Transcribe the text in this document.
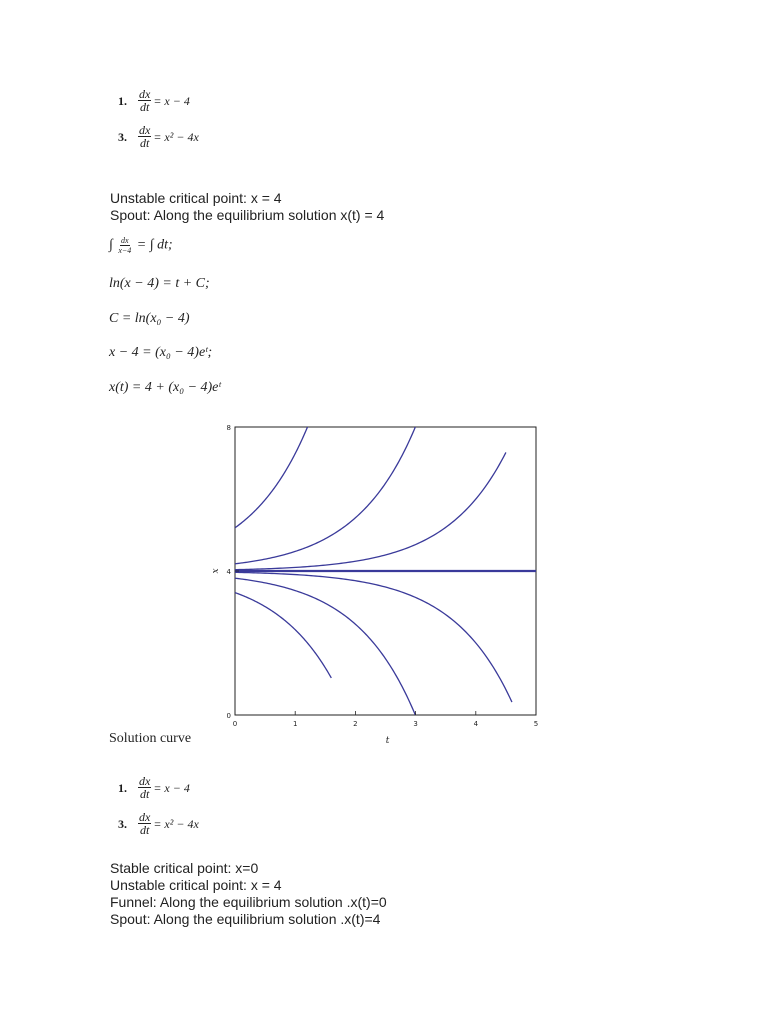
1. $\frac{dx}{dt} = x - 4$
3. $\frac{dx}{dt} = x^2 - 4x$
Unstable critical point: x = 4
Spout: Along the equilibrium solution x(t) = 4
∫ $\frac{dx}{x-4}$ = ∫ dt;
ln(x − 4) = t + C;
C = ln(x₀ − 4)
x − 4 = (x₀ − 4)eᵗ;
x(t) = 4 + (x₀ − 4)eᵗ
0	1	2	3	4	5
0
4
8
t
x
Solution curve
1. $\frac{dx}{dt} = x - 4$
3. $\frac{dx}{dt} = x^2 - 4x$
Stable critical point: x=0
Unstable critical point: x = 4
Funnel: Along the equilibrium solution .x(t)=0
Spout: Along the equilibrium solution .x(t)=4
